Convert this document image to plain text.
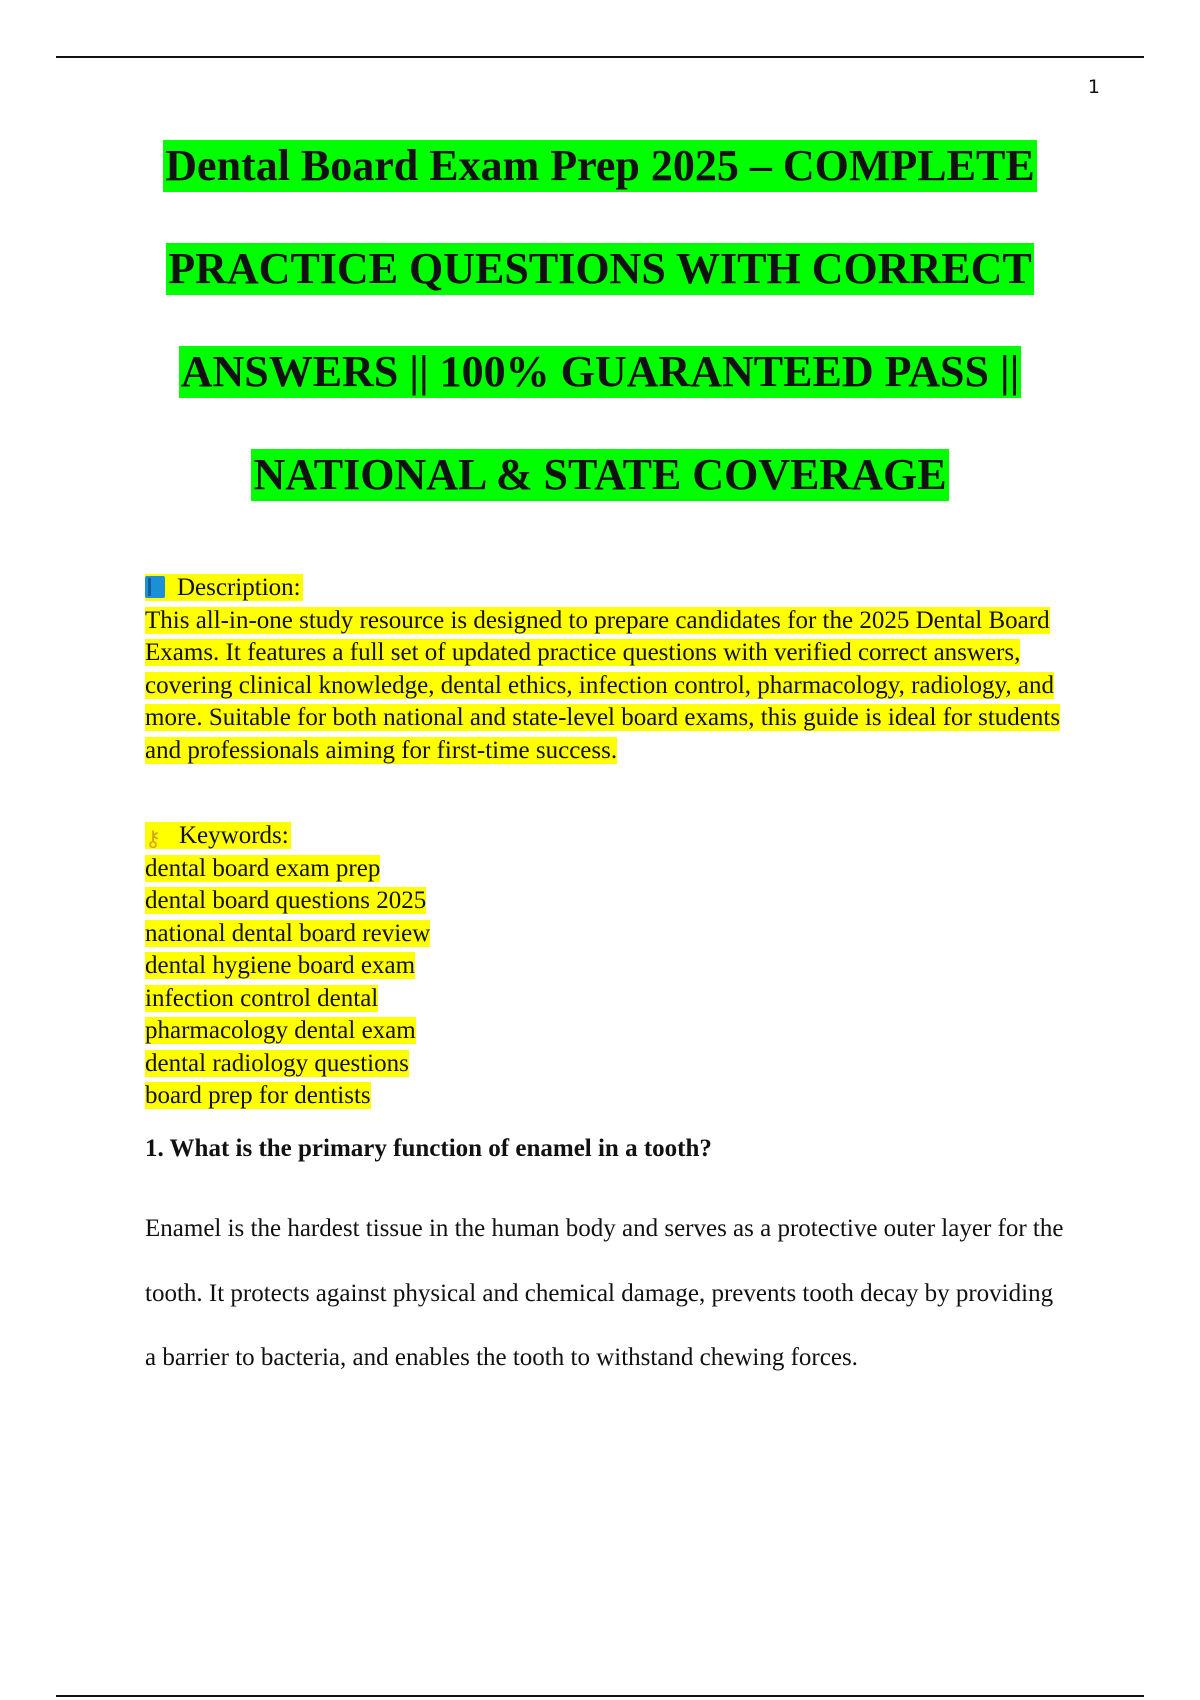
1
Dental Board Exam Prep 2025 – COMPLETE
PRACTICE QUESTIONS WITH CORRECT
ANSWERS || 100% GUARANTEED PASS ||
NATIONAL & STATE COVERAGE
Description:
This all-in-one study resource is designed to prepare candidates for the 2025 Dental Board Exams. It features a full set of updated practice questions with verified correct answers, covering clinical knowledge, dental ethics, infection control, pharmacology, radiology, and more. Suitable for both national and state-level board exams, this guide is ideal for students and professionals aiming for first-time success.
⚷ Keywords:
dental board exam prep
dental board questions 2025
national dental board review
dental hygiene board exam
infection control dental
pharmacology dental exam
dental radiology questions
board prep for dentists
1. What is the primary function of enamel in a tooth?
Enamel is the hardest tissue in the human body and serves as a protective outer layer for the tooth. It protects against physical and chemical damage, prevents tooth decay by providing a barrier to bacteria, and enables the tooth to withstand chewing forces.
